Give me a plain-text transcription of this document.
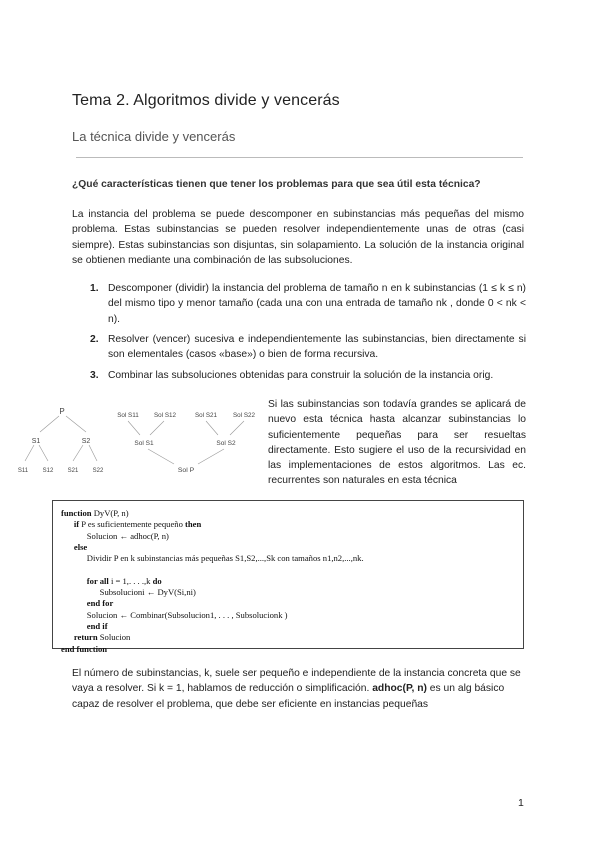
Tema 2. Algoritmos divide y vencerás
La técnica divide y vencerás
¿Qué características tienen que tener los problemas para que sea útil esta técnica?
La instancia del problema se puede descomponer en subinstancias más pequeñas del mismo problema. Estas subinstancias se pueden resolver independientemente unas de otras (casi siempre). Estas subinstancias son disjuntas, sin solapamiento. La solución de la instancia original se obtienen mediante una combinación de las subsoluciones.
1. Descomponer (dividir) la instancia del problema de tamaño n en k subinstancias (1 ≤ k ≤ n) del mismo tipo y menor tamaño (cada una con una entrada de tamaño nk , donde 0 < nk < n).
2. Resolver (vencer) sucesiva e independientemente las subinstancias, bien directamente si son elementales (casos «base») o bien de forma recursiva.
3. Combinar las subsoluciones obtenidas para construir la solución de la instancia orig.
P
S1	S2
S11 S12 S21 S22
Sol S11 Sol S12	Sol S21	Sol S22
Sol S1	Sol S2
Sol P
Si las subinstancias son todavía grandes se aplicará de nuevo esta técnica hasta alcanzar subinstancias lo suficientemente pequeñas para ser resueltas directamente. Esto sugiere el uso de la recursividad en las implementaciones de estos algoritmos. Las ec. recurrentes son naturales en esta técnica
function DyV(P, n)
if P es suficientemente pequeño then
Solucion ← adhoc(P, n)
else
Dividir P en k subinstancias más pequeñas S1,S2,...,Sk con tamaños n1,n2,...,nk.

for all i = 1,. . . .,k do
Subsolucioni ← DyV(Si,ni)
end for
Solucion ← Combinar(Subsolucion1, . . . , Subsolucionk )
end if
return Solucion
end function
El número de subinstancias, k, suele ser pequeño e independiente de la instancia concreta que se vaya a resolver. Si k = 1, hablamos de reducción o simplificación. adhoc(P, n) es un alg básico capaz de resolver el problema, que debe ser eficiente en instancias pequeñas
1
